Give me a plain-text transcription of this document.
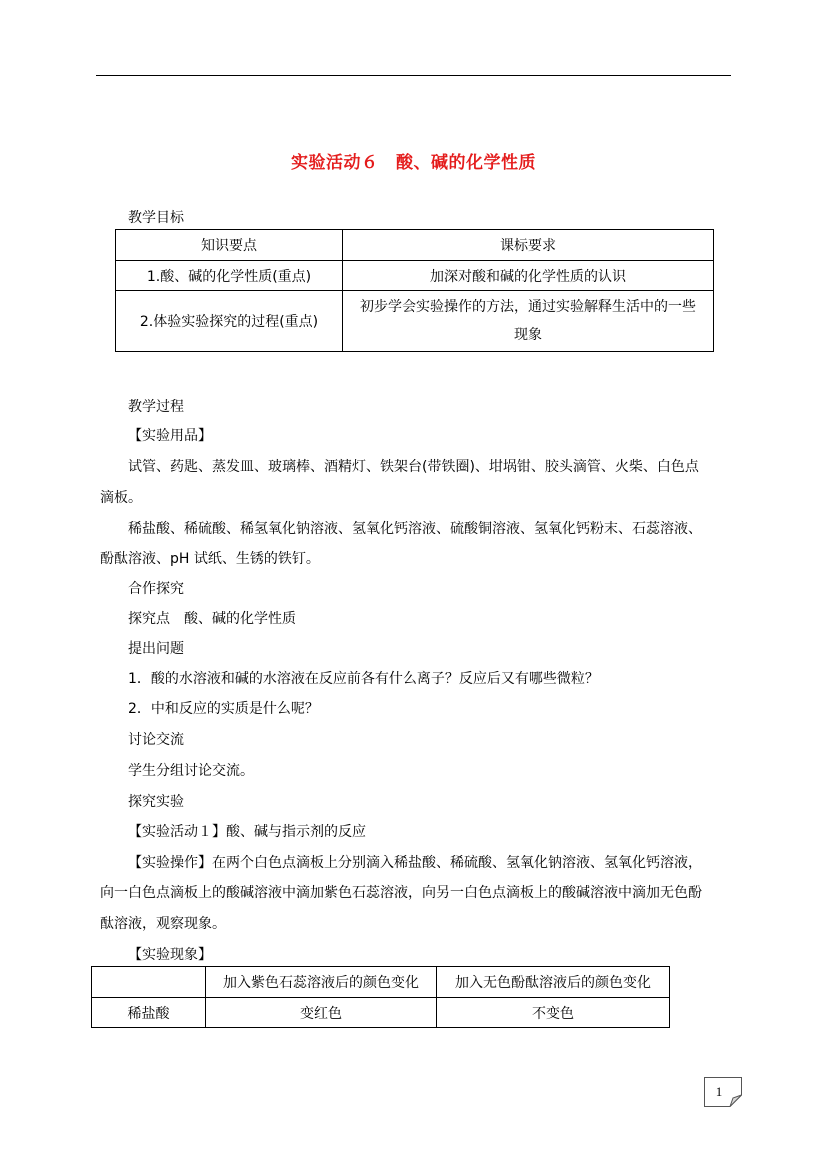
实验活动６　酸、碱的化学性质
教学目标
知识要点	课标要求
1.酸、碱的化学性质(重点)	加深对酸和碱的化学性质的认识
2.体验实验探究的过程(重点)	初步学会实验操作的方法，通过实验解释生活中的一些
现象
教学过程
【实验用品】
试管、药匙、蒸发皿、玻璃棒、酒精灯、铁架台(带铁圈)、坩埚钳、胶头滴管、火柴、白色点
滴板。
稀盐酸、稀硫酸、稀氢氧化钠溶液、氢氧化钙溶液、硫酸铜溶液、氢氧化钙粉末、石蕊溶液、
酚酞溶液、pH 试纸、生锈的铁钉。
合作探究
探究点　酸、碱的化学性质
提出问题
1．酸的水溶液和碱的水溶液在反应前各有什么离子？反应后又有哪些微粒？
2．中和反应的实质是什么呢？
讨论交流
学生分组讨论交流。
探究实验
【实验活动１】酸、碱与指示剂的反应
【实验操作】在两个白色点滴板上分别滴入稀盐酸、稀硫酸、氢氧化钠溶液、氢氧化钙溶液，
向一白色点滴板上的酸碱溶液中滴加紫色石蕊溶液，向另一白色点滴板上的酸碱溶液中滴加无色酚
酞溶液，观察现象。
【实验现象】
	加入紫色石蕊溶液后的颜色变化	加入无色酚酞溶液后的颜色变化
稀盐酸	变红色	不变色
1
